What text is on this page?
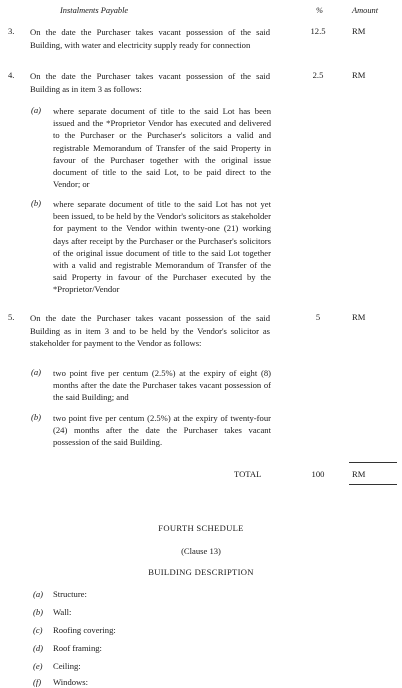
Instalments Payable	%	Amount
3. On the date the Purchaser takes vacant possession of the said Building, with water and electricity supply ready for connection
12.5	RM
4. On the date the Purchaser takes vacant possession of the said Building as in item 3 as follows:
2.5	RM
(a) where separate document of title to the said Lot has been issued and the *Proprietor Vendor has executed and delivered to the Purchaser or the Purchaser's solicitors a valid and registrable Memorandum of Transfer of the said Property in favour of the Purchaser together with the original issue document of title to the said Lot, to be paid direct to the Vendor; or
(b) where separate document of title to the said Lot has not yet been issued, to be held by the Vendor's solicitors as stakeholder for payment to the Vendor within twenty-one (21) working days after receipt by the Purchaser or the Purchaser's solicitors of the original issue document of title to the said Lot together with a valid and registrable Memorandum of Transfer of the said Property in favour of the Purchaser executed by the *Proprietor/Vendor
5. On the date the Purchaser takes vacant possession of the said Building as in item 3 and to be held by the Vendor's solicitor as stakeholder for payment to the Vendor as follows:
5	RM
(a) two point five per centum (2.5%) at the expiry of eight (8) months after the date the Purchaser takes vacant possession of the said Building; and
(b) two point five per centum (2.5%) at the expiry of twenty-four (24) months after the date the Purchaser takes vacant possession of the said Building.
TOTAL	100	RM
FOURTH SCHEDULE
(Clause 13)
BUILDING DESCRIPTION
(a) Structure:
(b) Wall:
(c) Roofing covering:
(d) Roof framing:
(e) Ceiling:
(f) Windows:
